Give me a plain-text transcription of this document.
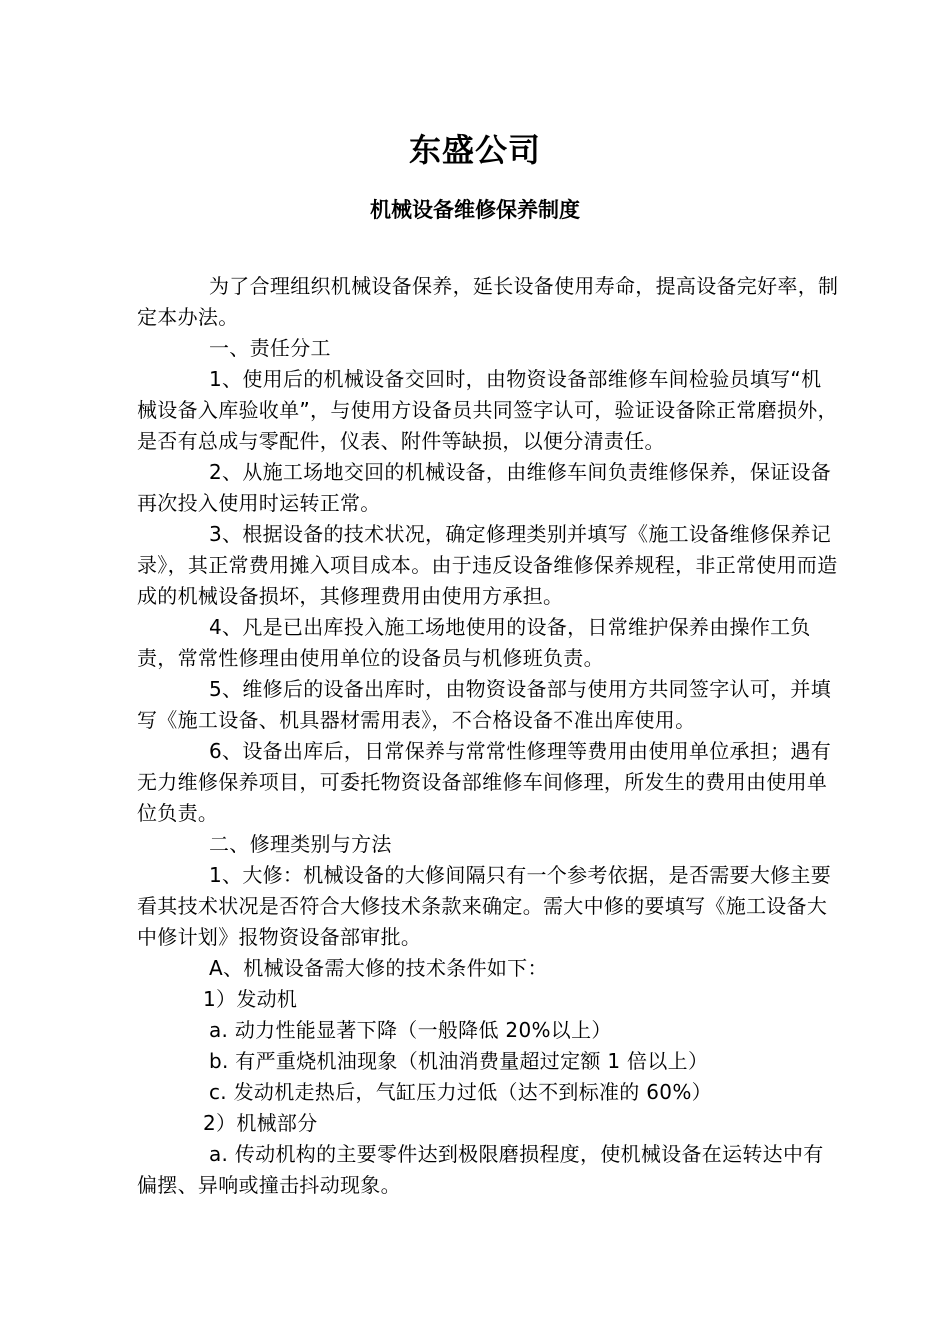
东盛公司
机械设备维修保养制度

为了合理组织机械设备保养，延长设备使用寿命，提高设备完好率，制定本办法。

一、责任分工

1、使用后的机械设备交回时，由物资设备部维修车间检验员填写“机械设备入库验收单”，与使用方设备员共同签字认可，验证设备除正常磨损外，是否有总成与零配件，仪表、附件等缺损，以便分清责任。

2、从施工场地交回的机械设备，由维修车间负责维修保养，保证设备再次投入使用时运转正常。

3、根据设备的技术状况，确定修理类别并填写《施工设备维修保养记录》，其正常费用摊入项目成本。由于违反设备维修保养规程，非正常使用而造成的机械设备损坏，其修理费用由使用方承担。

4、凡是已出库投入施工场地使用的设备，日常维护保养由操作工负责，常常性修理由使用单位的设备员与机修班负责。

5、维修后的设备出库时，由物资设备部与使用方共同签字认可，并填写《施工设备、机具器材需用表》，不合格设备不准出库使用。

6、设备出库后，日常保养与常常性修理等费用由使用单位承担；遇有无力维修保养项目，可委托物资设备部维修车间修理，所发生的费用由使用单位负责。

二、修理类别与方法

1、大修：机械设备的大修间隔只有一个参考依据，是否需要大修主要看其技术状况是否符合大修技术条款来确定。需大中修的要填写《施工设备大中修计划》报物资设备部审批。

A、机械设备需大修的技术条件如下：

1）发动机

a. 动力性能显著下降（一般降低 20%以上）

b. 有严重烧机油现象（机油消费量超过定额 1 倍以上）

c. 发动机走热后，气缸压力过低（达不到标准的 60%）

2）机械部分

a. 传动机构的主要零件达到极限磨损程度，使机械设备在运转达中有偏摆、异响或撞击抖动现象。
